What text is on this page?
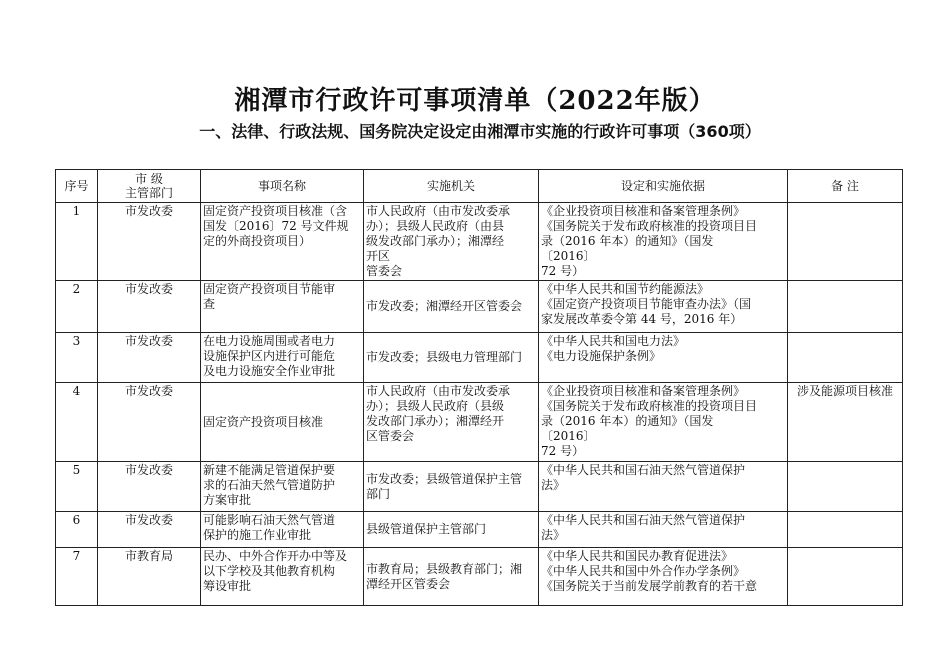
湘潭市行政许可事项清单（2022年版）
一、法律、行政法规、国务院决定设定由湘潭市实施的行政许可事项（360项）
序号	市 级
主管部门	事项名称	实施机关	设定和实施依据	备 注
1	市发改委	固定资产投资项目核准（含
国发〔2016〕72 号文件规
定的外商投资项目）	市人民政府（由市发改委承
办）；县级人民政府（由县
级发改部门承办）；湘潭经
开区
管委会	《企业投资项目核准和备案管理条例》
《国务院关于发布政府核准的投资项目目
录（2016 年本）的通知》（国发
〔2016〕
72 号）	

2	市发改委	固定资产投资项目节能审
查	市发改委；湘潭经开区管委会	《中华人民共和国节约能源法》
《固定资产投资项目节能审查办法》（国
家发展改革委令第 44 号，2016 年）	

3	市发改委	在电力设施周围或者电力
设施保护区内进行可能危
及电力设施安全作业审批	市发改委；县级电力管理部门	《中华人民共和国电力法》
《电力设施保护条例》	

4	市发改委	固定资产投资项目核准	市人民政府（由市发改委承
办）；县级人民政府（县级
发改部门承办）；湘潭经开
区管委会	《企业投资项目核准和备案管理条例》
《国务院关于发布政府核准的投资项目目
录（2016 年本）的通知》（国发
〔2016〕
72 号）	涉及能源项目核准
5	市发改委	新建不能满足管道保护要
求的石油天然气管道防护
方案审批	市发改委；县级管道保护主管
部门	《中华人民共和国石油天然气管道保护
法》	

6	市发改委	可能影响石油天然气管道
保护的施工作业审批	县级管道保护主管部门	《中华人民共和国石油天然气管道保护
法》	

7	市教育局	民办、中外合作开办中等及
以下学校及其他教育机构
筹设审批	市教育局；县级教育部门；湘
潭经开区管委会	《中华人民共和国民办教育促进法》
《中华人民共和国中外合作办学条例》
《国务院关于当前发展学前教育的若干意	
